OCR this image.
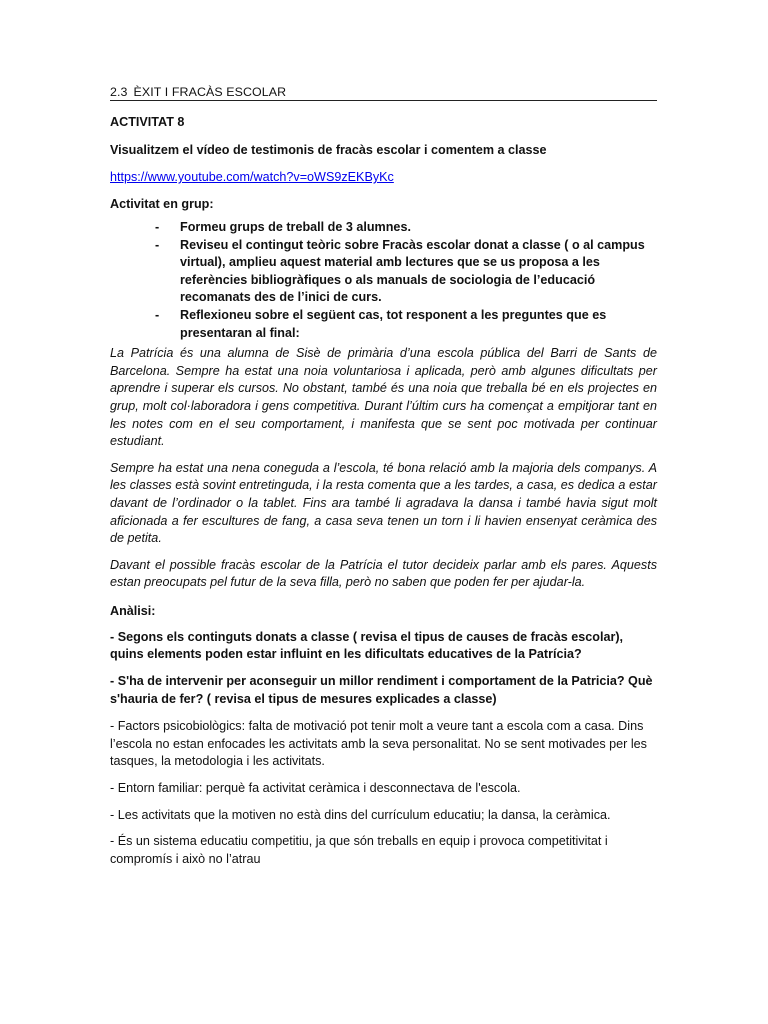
2.3 ÈXIT I FRACÀS ESCOLAR
ACTIVITAT 8
Visualitzem el vídeo de testimonis de fracàs escolar i comentem a classe
https://www.youtube.com/watch?v=oWS9zEKByKc
Activitat en grup:
- Formeu grups de treball de 3 alumnes.
- Reviseu el contingut teòric sobre Fracàs escolar donat a classe ( o al campus virtual), amplieu aquest material amb lectures que se us proposa a les referències bibliogràfiques o als manuals de sociologia de l’educació recomanats des de l’inici de curs.
- Reflexioneu sobre el següent cas, tot responent a les preguntes que es presentaran al final:

La Patrícia és una alumna de Sisè de primària d’una escola pública del Barri de Sants de Barcelona. Sempre ha estat una noia voluntariosa i aplicada, però amb algunes dificultats per aprendre i superar els cursos. No obstant, també és una noia que treballa bé en els projectes en grup, molt col·laboradora i gens competitiva. Durant l’últim curs ha començat a empitjorar tant en les notes com en el seu comportament, i manifesta que se sent poc motivada per continuar estudiant.

Sempre ha estat una nena coneguda a l’escola, té bona relació amb la majoria dels companys. A les classes està sovint entretinguda, i la resta comenta que a les tardes, a casa, es dedica a estar davant de l’ordinador o la tablet. Fins ara també li agradava la dansa i també havia sigut molt aficionada a fer escultures de fang, a casa seva tenen un torn i li havien ensenyat ceràmica des de petita.

Davant el possible fracàs escolar de la Patrícia el tutor decideix parlar amb els pares. Aquests estan preocupats pel futur de la seva filla, però no saben que poden fer per ajudar-la.

Anàlisi:
- Segons els continguts donats a classe ( revisa el tipus de causes de fracàs escolar), quins elements poden estar influint en les dificultats educatives de la Patrícia?
- S'ha de intervenir per aconseguir un millor rendiment i comportament de la Patricia? Què s'hauria de fer? ( revisa el tipus de mesures explicades a classe)
- Factors psicobiològics: falta de motivació pot tenir molt a veure tant a escola com a casa. Dins l’escola no estan enfocades les activitats amb la seva personalitat. No se sent motivades per les tasques, la metodologia i les activitats.
- Entorn familiar: perquè fa activitat ceràmica i desconnectava de l'escola.
- Les activitats que la motiven no està dins del currículum educatiu; la dansa, la ceràmica.
- És un sistema educatiu competitiu, ja que són treballs en equip i provoca competitivitat i compromís i això no l’atrau
